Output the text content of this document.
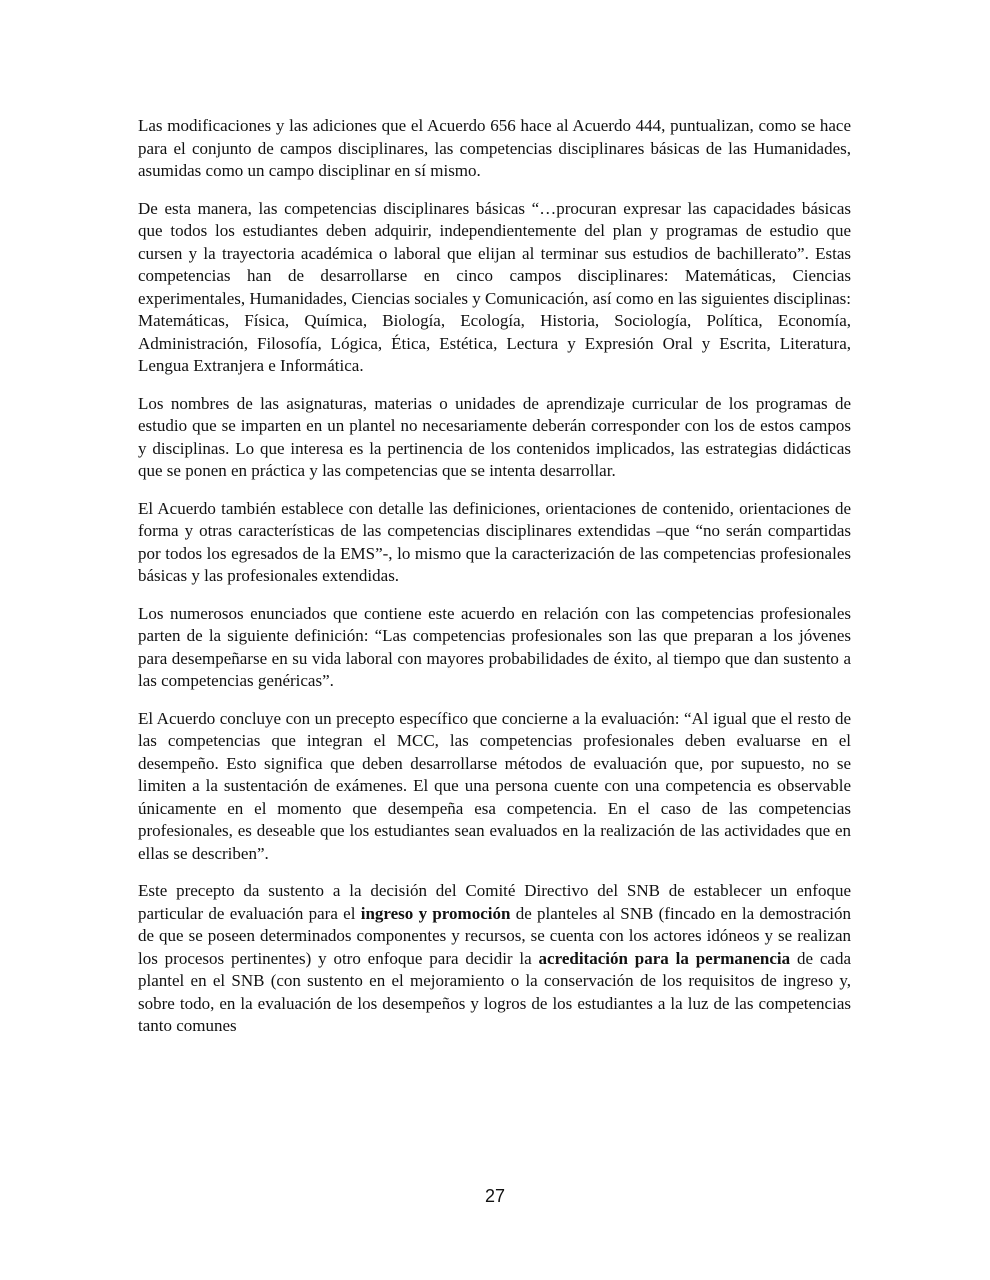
Las modificaciones y las adiciones que el Acuerdo 656 hace al Acuerdo 444, puntualizan, como se hace para el conjunto de campos disciplinares, las competencias disciplinares básicas de las Humanidades, asumidas como un campo disciplinar en sí mismo.

De esta manera, las competencias disciplinares básicas “…procuran expresar las capacidades básicas que todos los estudiantes deben adquirir, independientemente del plan y programas de estudio que cursen y la trayectoria académica o laboral que elijan al terminar sus estudios de bachillerato”. Estas competencias han de desarrollarse en cinco campos disciplinares: Matemáticas, Ciencias experimentales, Humanidades, Ciencias sociales y Comunicación, así como en las siguientes disciplinas: Matemáticas, Física, Química, Biología, Ecología, Historia, Sociología, Política, Economía, Administración, Filosofía, Lógica, Ética, Estética, Lectura y Expresión Oral y Escrita, Literatura, Lengua Extranjera e Informática.

Los nombres de las asignaturas, materias o unidades de aprendizaje curricular de los programas de estudio que se imparten en un plantel no necesariamente deberán corresponder con los de estos campos y disciplinas. Lo que interesa es la pertinencia de los contenidos implicados, las estrategias didácticas que se ponen en práctica y las competencias que se intenta desarrollar.

El Acuerdo también establece con detalle las definiciones, orientaciones de contenido, orientaciones de forma y otras características de las competencias disciplinares extendidas –que “no serán compartidas por todos los egresados de la EMS”-, lo mismo que la caracterización de las competencias profesionales básicas y las profesionales extendidas.

Los numerosos enunciados que contiene este acuerdo en relación con las competencias profesionales parten de la siguiente definición: “Las competencias profesionales son las que preparan a los jóvenes para desempeñarse en su vida laboral con mayores probabilidades de éxito, al tiempo que dan sustento a las competencias genéricas”.

El Acuerdo concluye con un precepto específico que concierne a la evaluación: “Al igual que el resto de las competencias que integran el MCC, las competencias profesionales deben evaluarse en el desempeño. Esto significa que deben desarrollarse métodos de evaluación que, por supuesto, no se limiten a la sustentación de exámenes. El que una persona cuente con una competencia es observable únicamente en el momento que desempeña esa competencia. En el caso de las competencias profesionales, es deseable que los estudiantes sean evaluados en la realización de las actividades que en ellas se describen”.

Este precepto da sustento a la decisión del Comité Directivo del SNB de establecer un enfoque particular de evaluación para el ingreso y promoción de planteles al SNB (fincado en la demostración de que se poseen determinados componentes y recursos, se cuenta con los actores idóneos y se realizan los procesos pertinentes) y otro enfoque para decidir la acreditación para la permanencia de cada plantel en el SNB (con sustento en el mejoramiento o la conservación de los requisitos de ingreso y, sobre todo, en la evaluación de los desempeños y logros de los estudiantes a la luz de las competencias tanto comunes

27
